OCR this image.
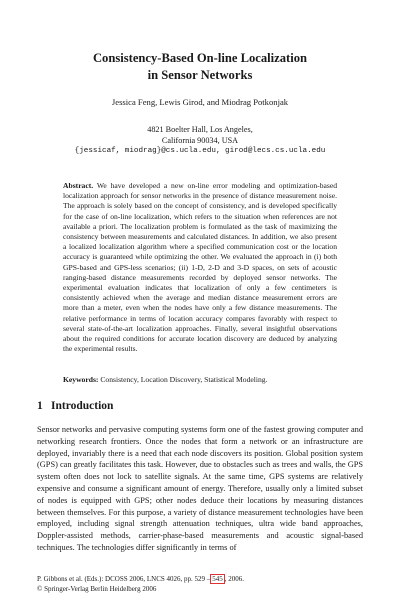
Consistency-Based On-line Localization
in Sensor Networks
Jessica Feng, Lewis Girod, and Miodrag Potkonjak
4821 Boelter Hall, Los Angeles,
California 90034, USA
{jessicaf, miodrag}@cs.ucla.edu, girod@lecs.cs.ucla.edu
Abstract. We have developed a new on-line error modeling and optimization-based localization approach for sensor networks in the presence of distance measurement noise. The approach is solely based on the concept of consistency, and is developed specifically for the case of on-line localization, which refers to the situation when references are not available a priori. The localization problem is formulated as the task of maximizing the consistency between measurements and calculated distances. In addition, we also present a localized localization algorithm where a specified communication cost or the location accuracy is guaranteed while optimizing the other. We evaluated the approach in (i) both GPS-based and GPS-less scenarios; (ii) 1-D, 2-D and 3-D spaces, on sets of acoustic ranging-based distance measurements recorded by deployed sensor networks. The experimental evaluation indicates that localization of only a few centimeters is consistently achieved when the average and median distance measurement errors are more than a meter, even when the nodes have only a few distance measurements. The relative performance in terms of location accuracy compares favorably with respect to several state-of-the-art localization approaches. Finally, several insightful observations about the required conditions for accurate location discovery are deduced by analyzing the experimental results.
Keywords: Consistency, Location Discovery, Statistical Modeling.
1 Introduction
Sensor networks and pervasive computing systems form one of the fastest growing computer and networking research frontiers. Once the nodes that form a network or an infrastructure are deployed, invariably there is a need that each node discovers its position. Global position system (GPS) can greatly facilitates this task. However, due to obstacles such as trees and walls, the GPS system often does not lock to satellite signals. At the same time, GPS systems are relatively expensive and consume a significant amount of energy. Therefore, usually only a limited subset of nodes is equipped with GPS; other nodes deduce their locations by measuring distances between themselves. For this purpose, a variety of distance measurement technologies have been employed, including signal strength attenuation techniques, ultra wide band approaches, Doppler-assisted methods, carrier-phase-based measurements and acoustic signal-based techniques. The technologies differ significantly in terms of
P. Gibbons et al. (Eds.): DCOSS 2006, LNCS 4026, pp. 529 – 545 , 2006.
© Springer-Verlag Berlin Heidelberg 2006
